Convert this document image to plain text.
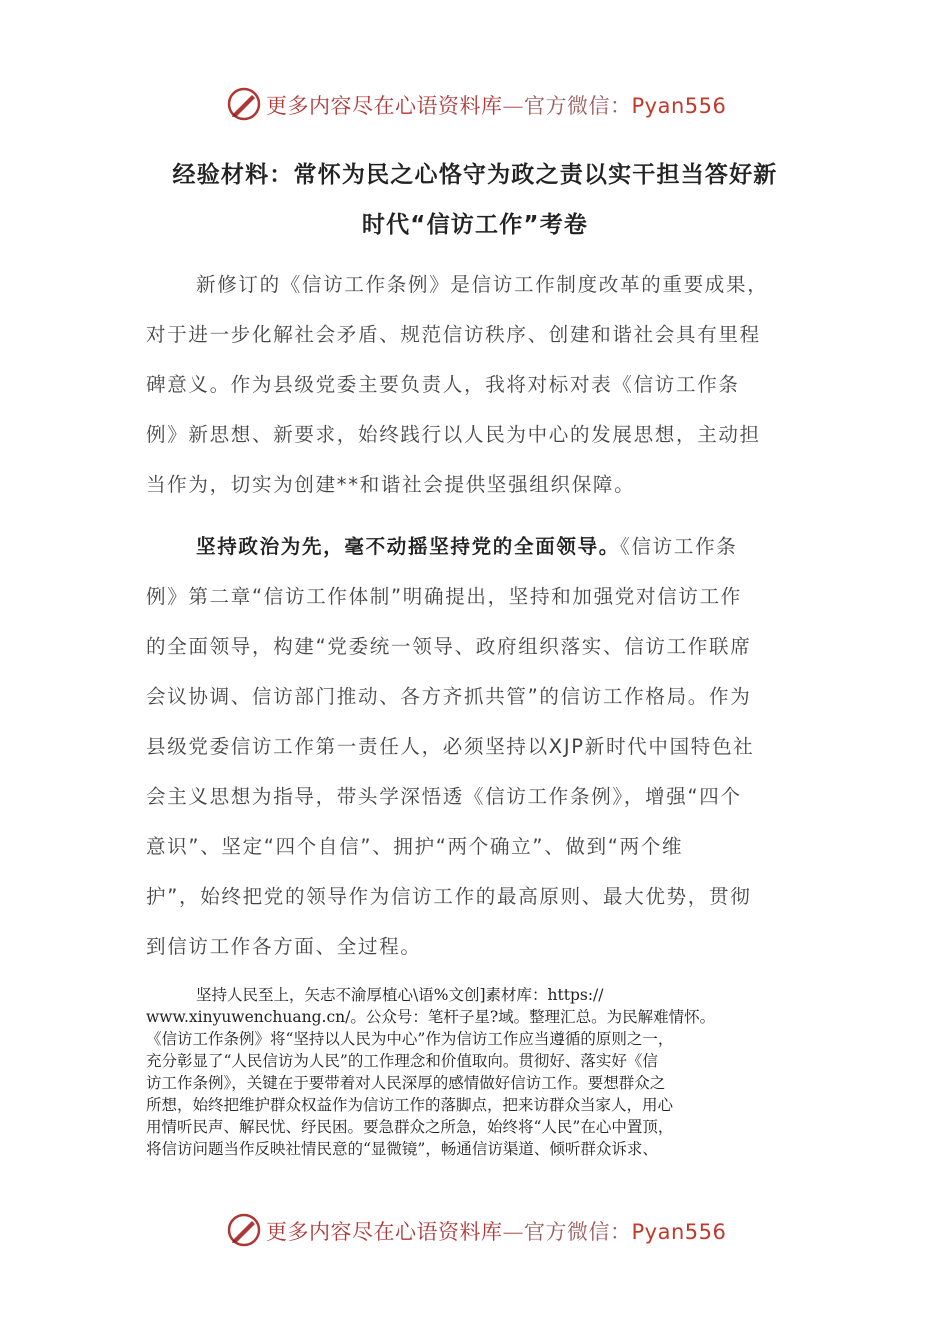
更多内容尽在心语资料库—官方微信：Pyan556
经验材料：常怀为民之心恪守为政之责以实干担当答好新
时代“信访工作”考卷
新修订的《信访工作条例》是信访工作制度改革的重要成果，
对于进一步化解社会矛盾、规范信访秩序、创建和谐社会具有里程
碑意义。作为县级党委主要负责人，我将对标对表《信访工作条
例》新思想、新要求，始终践行以人民为中心的发展思想，主动担
当作为，切实为创建**和谐社会提供坚强组织保障。
坚持政治为先，毫不动摇坚持党的全面领导。《信访工作条
例》第二章“信访工作体制”明确提出，坚持和加强党对信访工作
的全面领导，构建“党委统一领导、政府组织落实、信访工作联席
会议协调、信访部门推动、各方齐抓共管”的信访工作格局。作为
县级党委信访工作第一责任人，必须坚持以XJP新时代中国特色社
会主义思想为指导，带头学深悟透《信访工作条例》，增强“四个
意识”、坚定“四个自信”、拥护“两个确立”、做到“两个维
护”，始终把党的领导作为信访工作的最高原则、最大优势，贯彻
到信访工作各方面、全过程。
坚持人民至上，矢志不渝厚植心\语%文创]素材库：https://
www.xinyuwenchuang.cn/。公众号：笔杆子星?域。整理汇总。为民解难情怀。
《信访工作条例》将“坚持以人民为中心”作为信访工作应当遵循的原则之一，
充分彰显了“人民信访为人民”的工作理念和价值取向。贯彻好、落实好《信
访工作条例》，关键在于要带着对人民深厚的感情做好信访工作。要想群众之
所想，始终把维护群众权益作为信访工作的落脚点，把来访群众当家人，用心
用情听民声、解民忧、纾民困。要急群众之所急，始终将“人民”在心中置顶，
将信访问题当作反映社情民意的“显微镜”，畅通信访渠道、倾听群众诉求、
更多内容尽在心语资料库—官方微信：Pyan556
